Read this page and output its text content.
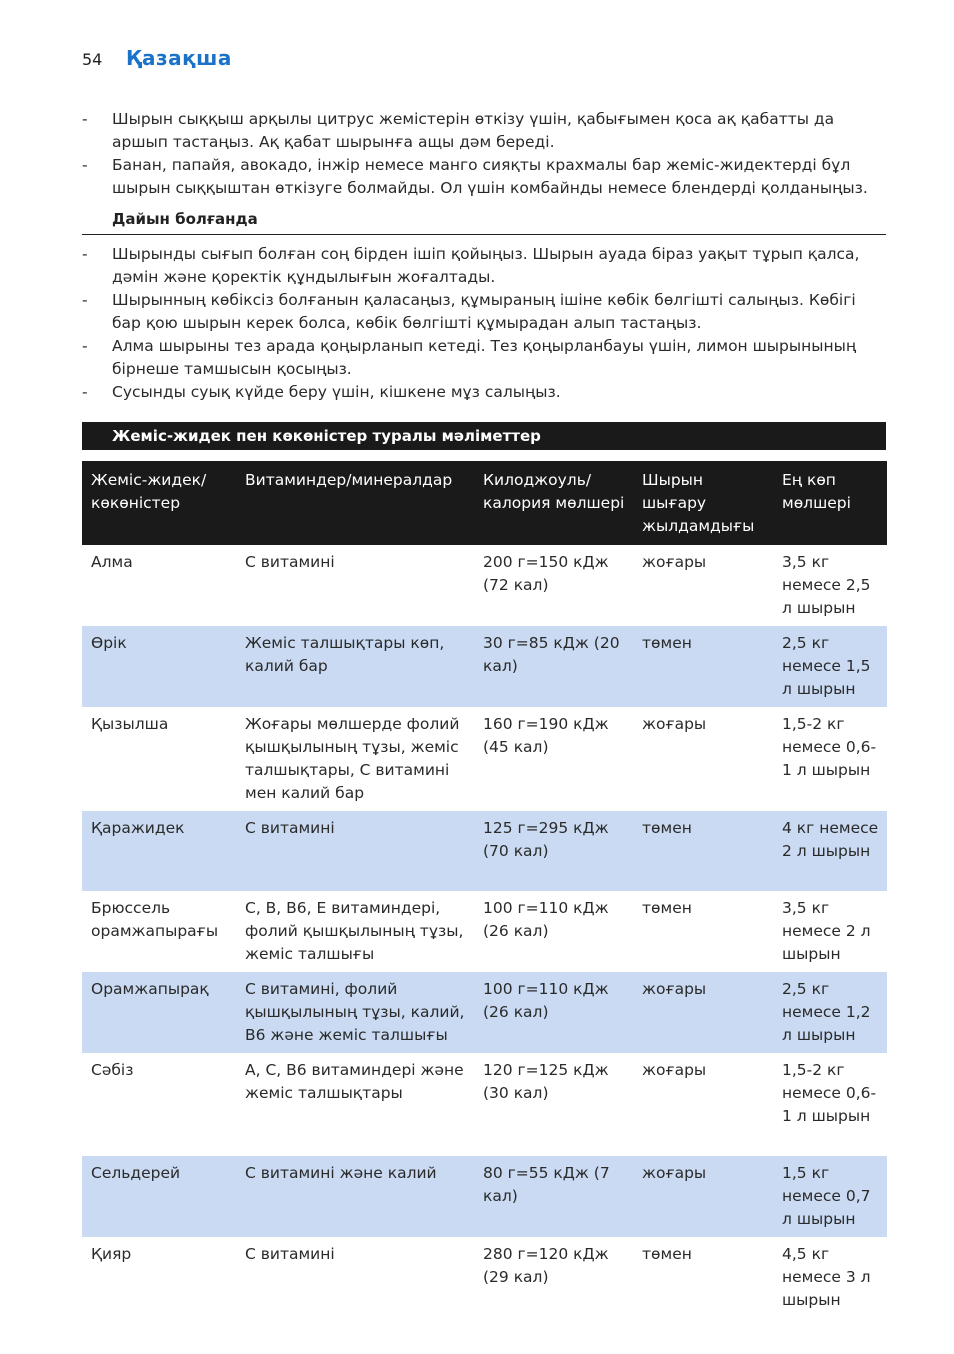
54 Қазақша
- Шырын сыққыш арқылы цитрус жемістерін өткізу үшін, қабығымен қоса ақ қабатты да аршып тастаңыз. Ақ қабат шырынға ащы дәм береді.
- Банан, папайя, авокадо, інжір немесе манго сияқты крахмалы бар жеміс-жидектерді бұл шырын сыққыштан өткізуге болмайды. Ол үшін комбайнды немесе блендерді қолданыңыз.
Дайын болғанда
- Шырынды сығып болған соң бірден ішіп қойыңыз. Шырын ауада біраз уақыт тұрып қалса, дәмін және қоректік құндылығын жоғалтады.
- Шырынның көбіксіз болғанын қаласаңыз, құмыраның ішіне көбік бөлгішті салыңыз. Көбігі бар қою шырын керек болса, көбік бөлгішті құмырадан алып тастаңыз.
- Алма шырыны тез арада қоңырланып кетеді. Тез қоңырланбауы үшін, лимон шырынының бірнеше тамшысын қосыңыз.
- Сусынды суық күйде беру үшін, кішкене мұз салыңыз.
Жеміс-жидек пен көкөністер туралы мәліметтер
Жеміс-жидек/ көкөністер	Витаминдер/минералдар	Килоджоуль/ калория мөлшері	Шырын шығару жылдамдығы	Ең көп мөлшері
Алма	С витамині	200 г=150 кДж (72 кал)	жоғары	3,5 кг немесе 2,5 л шырын
Өрік	Жеміс талшықтары көп, калий бар	30 г=85 кДж (20 кал)	төмен	2,5 кг немесе 1,5 л шырын
Қызылша	Жоғары мөлшерде фолий қышқылының тұзы, жеміс талшықтары, С витамині мен калий бар	160 г=190 кДж (45 кал)	жоғары	1,5-2 кг немесе 0,6-1 л шырын
Қаражидек	С витамині	125 г=295 кДж (70 кал)	төмен	4 кг немесе 2 л шырын
Брюссель орамжапырағы	С, В, В6, Е витаминдері, фолий қышқылының тұзы, жеміс талшығы	100 г=110 кДж (26 кал)	төмен	3,5 кг немесе 2 л шырын
Орамжапырақ	С витамині, фолий қышқылының тұзы, калий, В6 және жеміс талшығы	100 г=110 кДж (26 кал)	жоғары	2,5 кг немесе 1,2 л шырын
Сәбіз	А, С, В6 витаминдері және жеміс талшықтары	120 г=125 кДж (30 кал)	жоғары	1,5-2 кг немесе 0,6-1 л шырын
Сельдерей	С витамині және калий	80 г=55 кДж (7 кал)	жоғары	1,5 кг немесе 0,7 л шырын
Қияр	С витамині	280 г=120 кДж (29 кал)	төмен	4,5 кг немесе 3 л шырын
